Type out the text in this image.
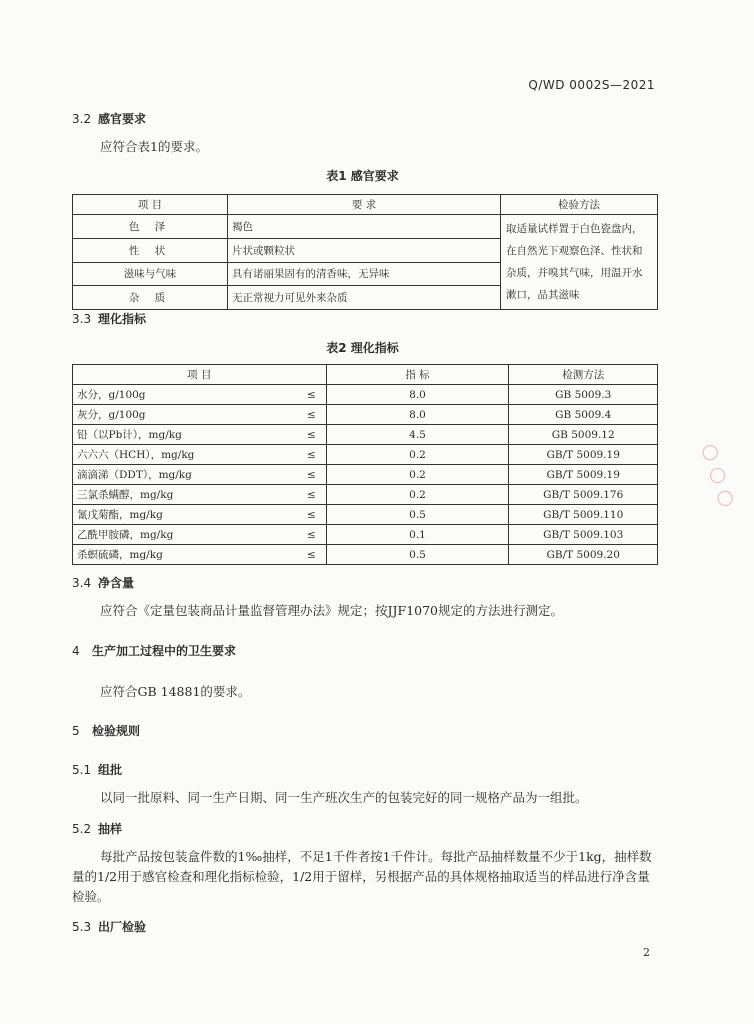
Q/WD 0002S—2021
3.2 感官要求
应符合表1的要求。
表1 感官要求
项 目	要 求	检验方法
色 泽	褐色	取适量试样置于白色瓷盘内，在自然光下观察色泽、性状和杂质，并嗅其气味，用温开水漱口，品其滋味
性 状	片状或颗粒状	
滋味与气味	具有诺丽果固有的清香味，无异味	
杂 质	无正常视力可见外来杂质	
3.3 理化指标
表2 理化指标
项 目		指 标	检测方法
水分，g/100g	≤	8.0	GB 5009.3
灰分，g/100g	≤	8.0	GB 5009.4
铅（以Pb计），mg/kg	≤	4.5	GB 5009.12
六六六（HCH），mg/kg	≤	0.2	GB/T 5009.19
滴滴涕（DDT），mg/kg	≤	0.2	GB/T 5009.19
三氯杀螨醇，mg/kg	≤	0.2	GB/T 5009.176
氰戊菊酯，mg/kg	≤	0.5	GB/T 5009.110
乙酰甲胺磷，mg/kg	≤	0.1	GB/T 5009.103
杀螟硫磷，mg/kg	≤	0.5	GB/T 5009.20
3.4 净含量
应符合《定量包装商品计量监督管理办法》规定；按JJF1070规定的方法进行测定。
4 生产加工过程中的卫生要求
应符合GB 14881的要求。
5 检验规则
5.1 组批
以同一批原料、同一生产日期、同一生产班次生产的包装完好的同一规格产品为一组批。
5.2 抽样
每批产品按包装盒件数的1‰抽样，不足1千件者按1千件计。每批产品抽样数量不少于1kg，抽样数量的1/2用于感官检查和理化指标检验，1/2用于留样，另根据产品的具体规格抽取适当的样品进行净含量检验。
5.3 出厂检验
2
○○○
